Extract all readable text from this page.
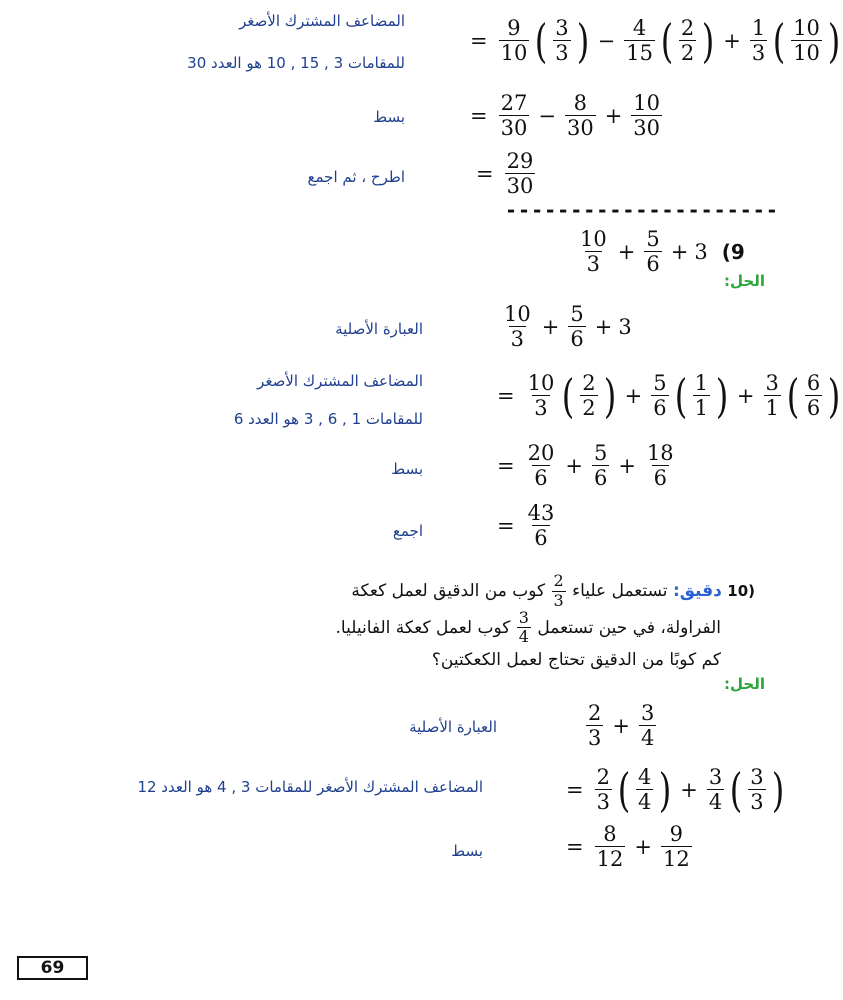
المضاعف المشترك الأصغر
للمقامات 3 , 15 , 10 هو العدد 30
= $\frac{9}{10}$ ( $\frac{3}{3}$ ) − $\frac{4}{15}$ ( $\frac{2}{2}$ ) + $\frac{1}{3}$ ( $\frac{10}{10}$ )
بسط	= $\frac{27}{30} - \frac{8}{30} + \frac{10}{30}$
اطرح ، ثم اجمع	= $\frac{29}{30}$
---------------------
$\frac{10}{3} + \frac{5}{6} + 3$ (9
الحل:
العبارة الأصلية	$\frac{10}{3} + \frac{5}{6} + 3$
المضاعف المشترك الأصغر
للمقامات 1 , 6 , 3 هو العدد 6
= $\frac{10}{3}$ ( $\frac{2}{2}$ ) + $\frac{5}{6}$ ( $\frac{1}{1}$ ) + $\frac{3}{1}$ ( $\frac{6}{6}$ )
بسط	= $\frac{20}{6} + \frac{5}{6} + \frac{18}{6}$
اجمع	= $\frac{43}{6}$
10) دقيق: تستعمل علياء
$\frac{2}{3}$
كوب من الدقيق لعمل كعكة
الفراولة، في حين تستعمل
$\frac{3}{4}$
كوب لعمل كعكة الفانيليا.
كم كوبًا من الدقيق تحتاج لعمل الكعكتين؟
الحل:
العبارة الأصلية	$\frac{2}{3} + \frac{3}{4}$
المضاعف المشترك الأصغر للمقامات 3 , 4 هو العدد 12	= $\frac{2}{3}$ ( $\frac{4}{4}$ ) + $\frac{3}{4}$ ( $\frac{3}{3}$ )
بسط	= $\frac{8}{12} + \frac{9}{12}$
69
